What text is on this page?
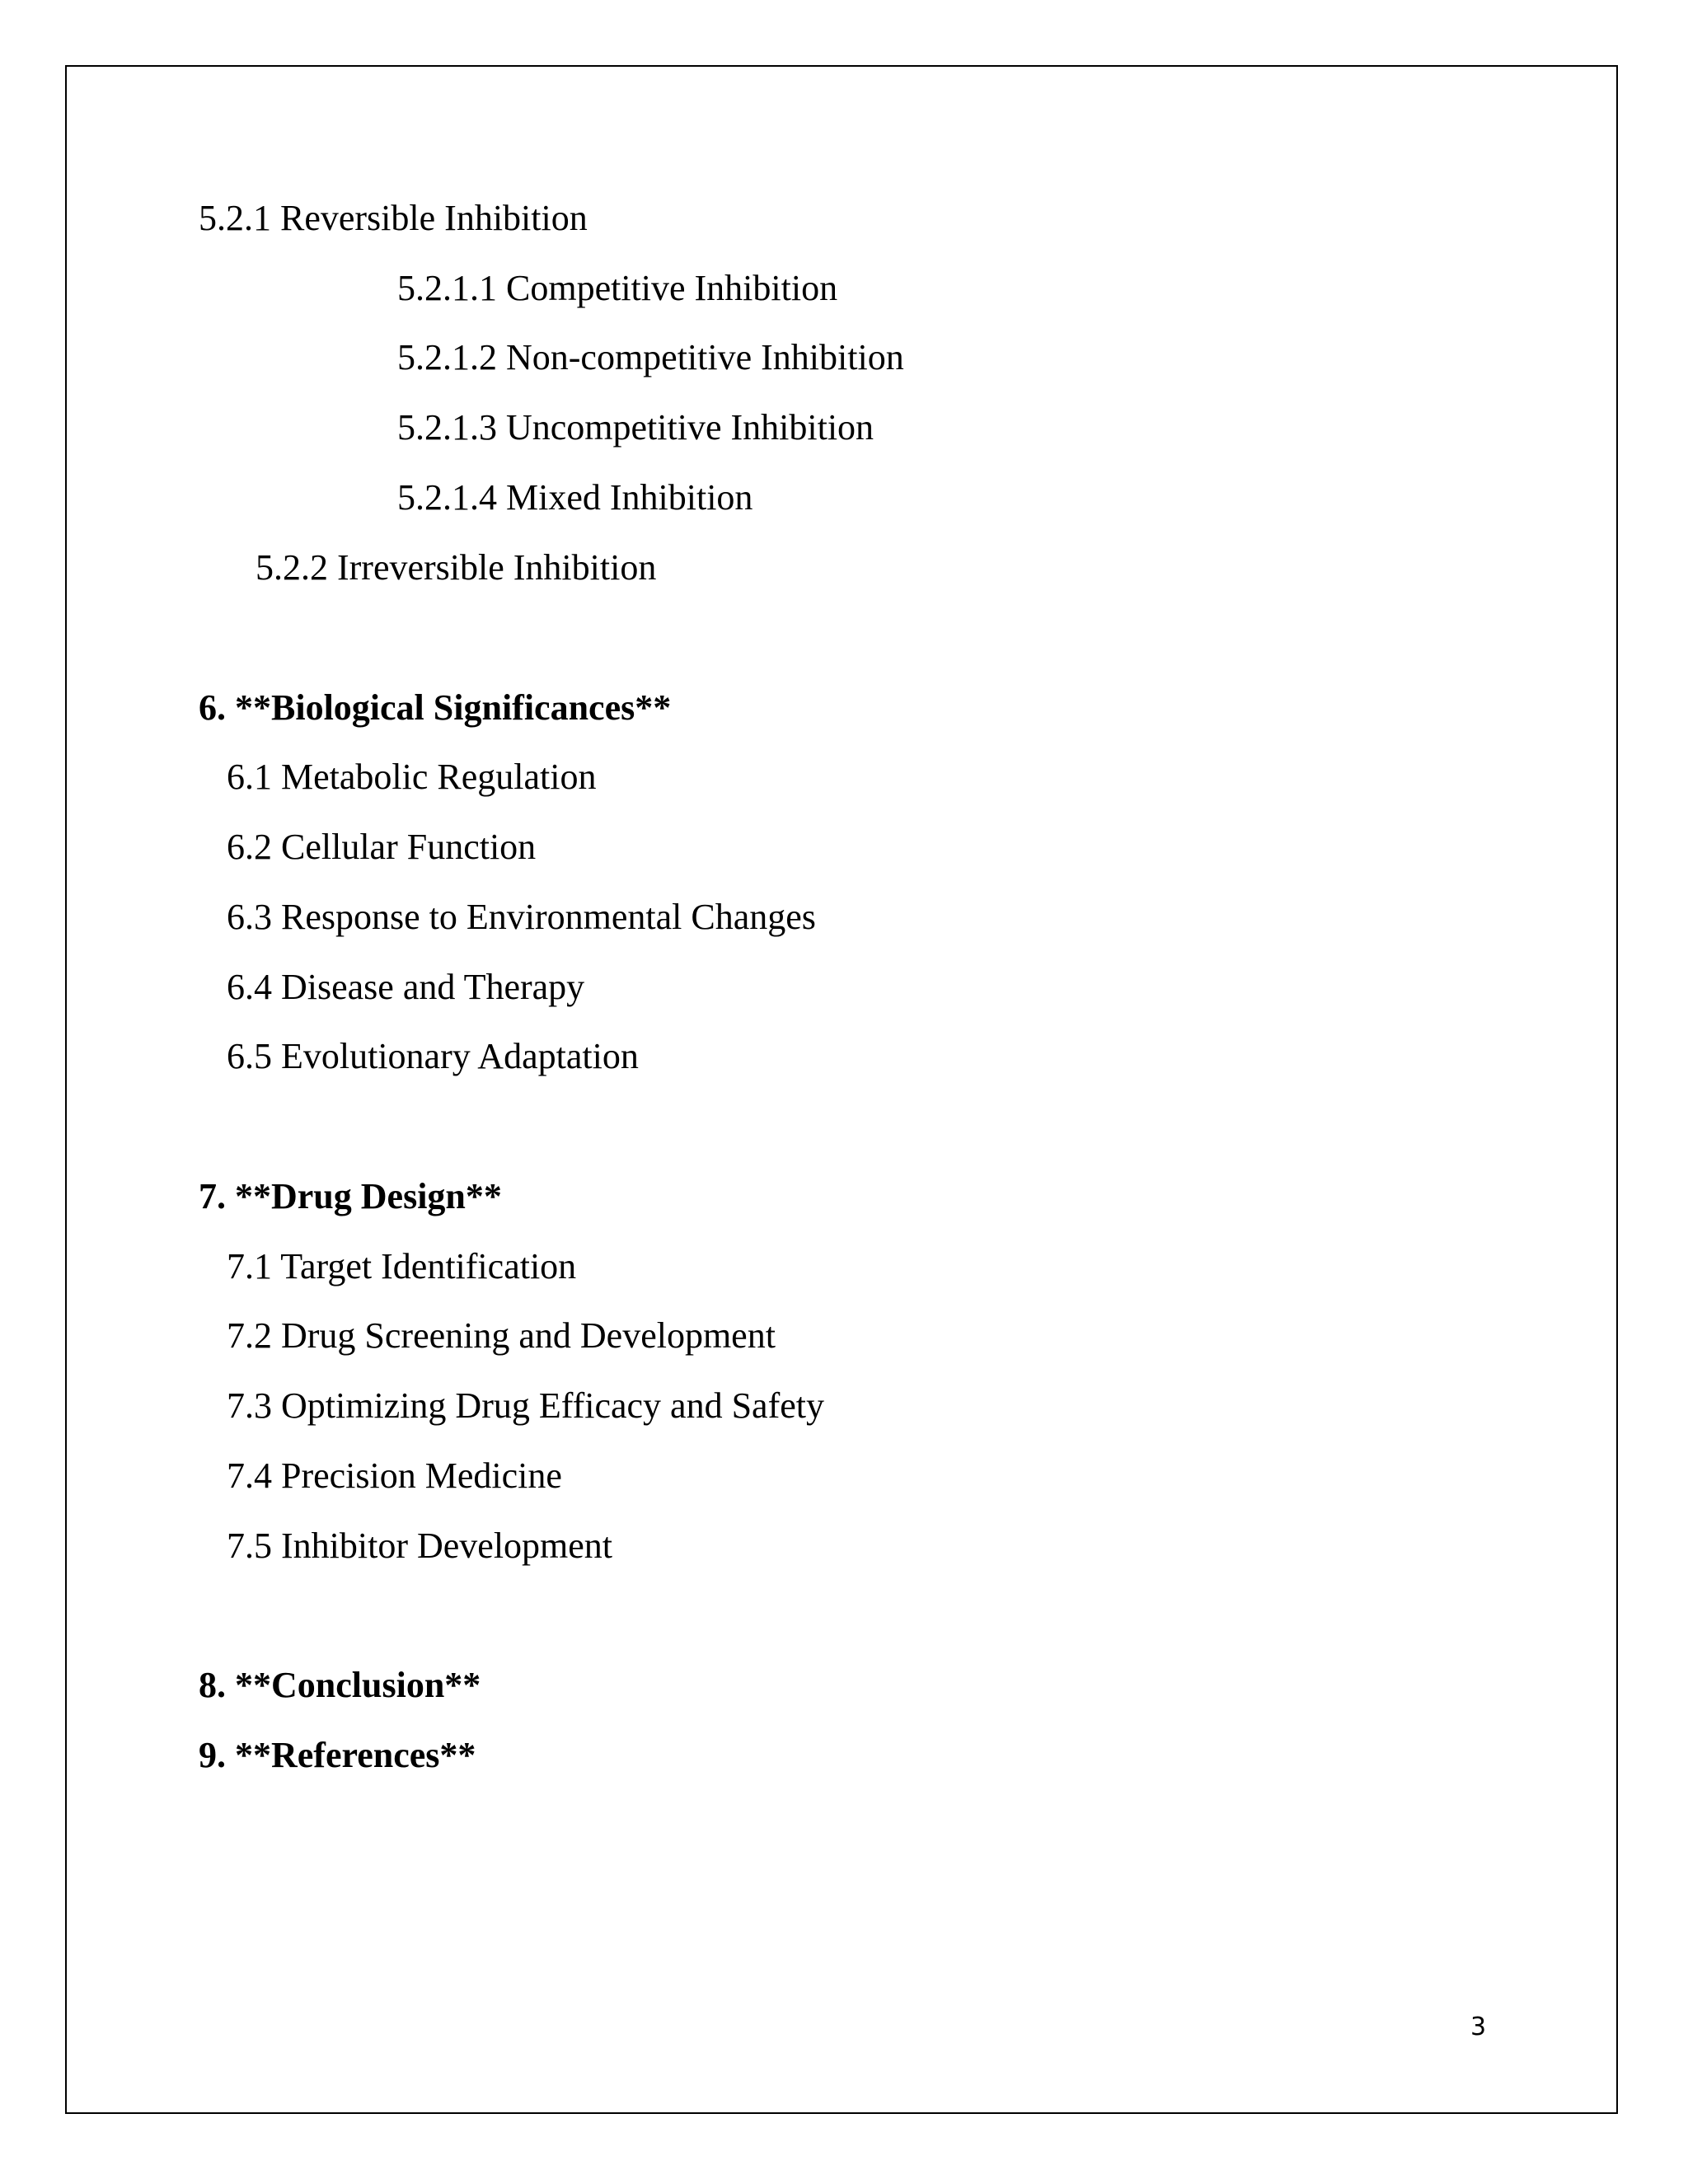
5.2.1 Reversible Inhibition
5.2.1.1 Competitive Inhibition
5.2.1.2 Non-competitive Inhibition
5.2.1.3 Uncompetitive Inhibition
5.2.1.4 Mixed Inhibition
5.2.2 Irreversible Inhibition
6. **Biological Significances**
6.1 Metabolic Regulation
6.2 Cellular Function
6.3 Response to Environmental Changes
6.4 Disease and Therapy
6.5 Evolutionary Adaptation
7. **Drug Design**
7.1 Target Identification
7.2 Drug Screening and Development
7.3 Optimizing Drug Efficacy and Safety
7.4 Precision Medicine
7.5 Inhibitor Development
8. **Conclusion**
9. **References**
3
